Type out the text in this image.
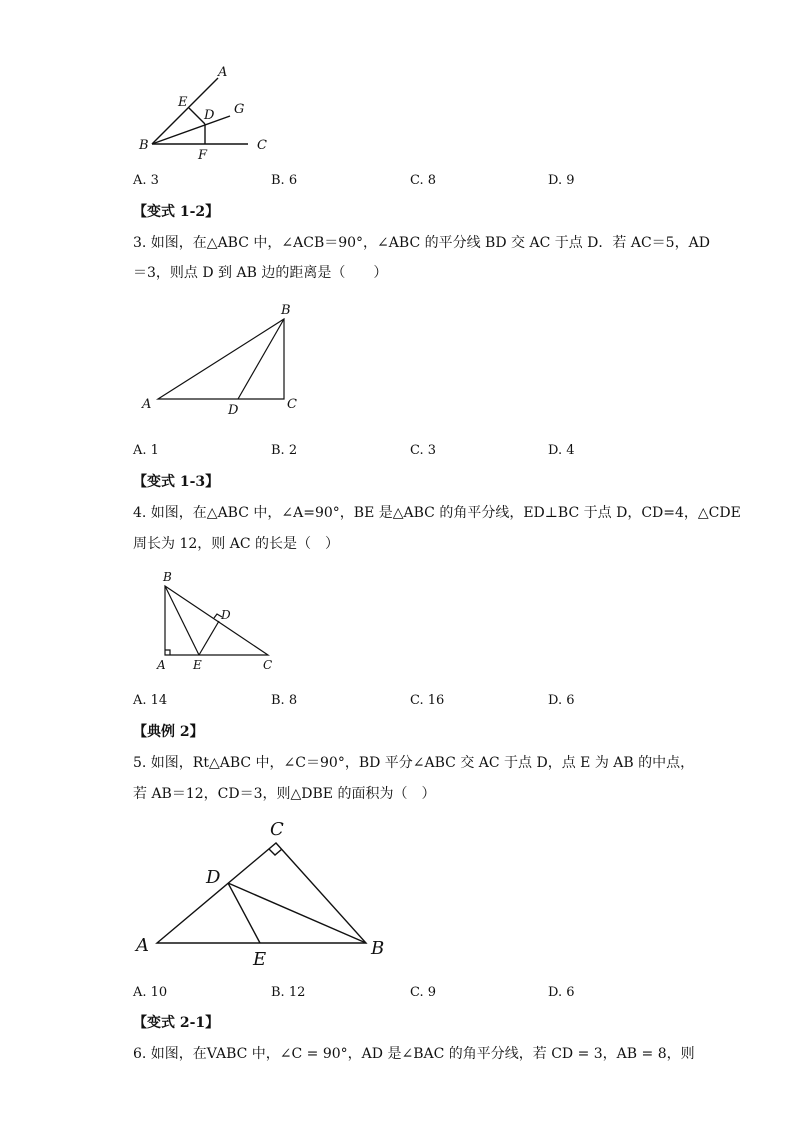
A
E
D G
B
F
C
A. 3	B. 6	C. 8	D. 9
【变式 1-2】
3. 如图，在△ABC 中，∠ACB＝90°，∠ABC 的平分线 BD 交 AC 于点 D．若 AC＝5，AD
＝3，则点 D 到 AB 边的距离是（　　）
B
A	D	C
A. 1	B. 2	C. 3	D. 4
【变式 1-3】
4. 如图，在△ABC 中，∠A=90°，BE 是△ABC 的角平分线，ED⊥BC 于点 D，CD=4，△CDE
周长为 12，则 AC 的长是（　）
B
D
A E	C
A. 14	B. 8	C. 16	D. 6
【典例 2】
5. 如图，Rt△ABC 中，∠C＝90°，BD 平分∠ABC 交 AC 于点 D，点 E 为 AB 的中点，
若 AB＝12，CD＝3，则△DBE 的面积为（　）
C
D
A
E
B
A. 10	B. 12	C. 9	D. 6
【变式 2-1】
6. 如图，在VABC 中，∠C = 90°，AD 是∠BAC 的角平分线，若 CD = 3，AB = 8，则
